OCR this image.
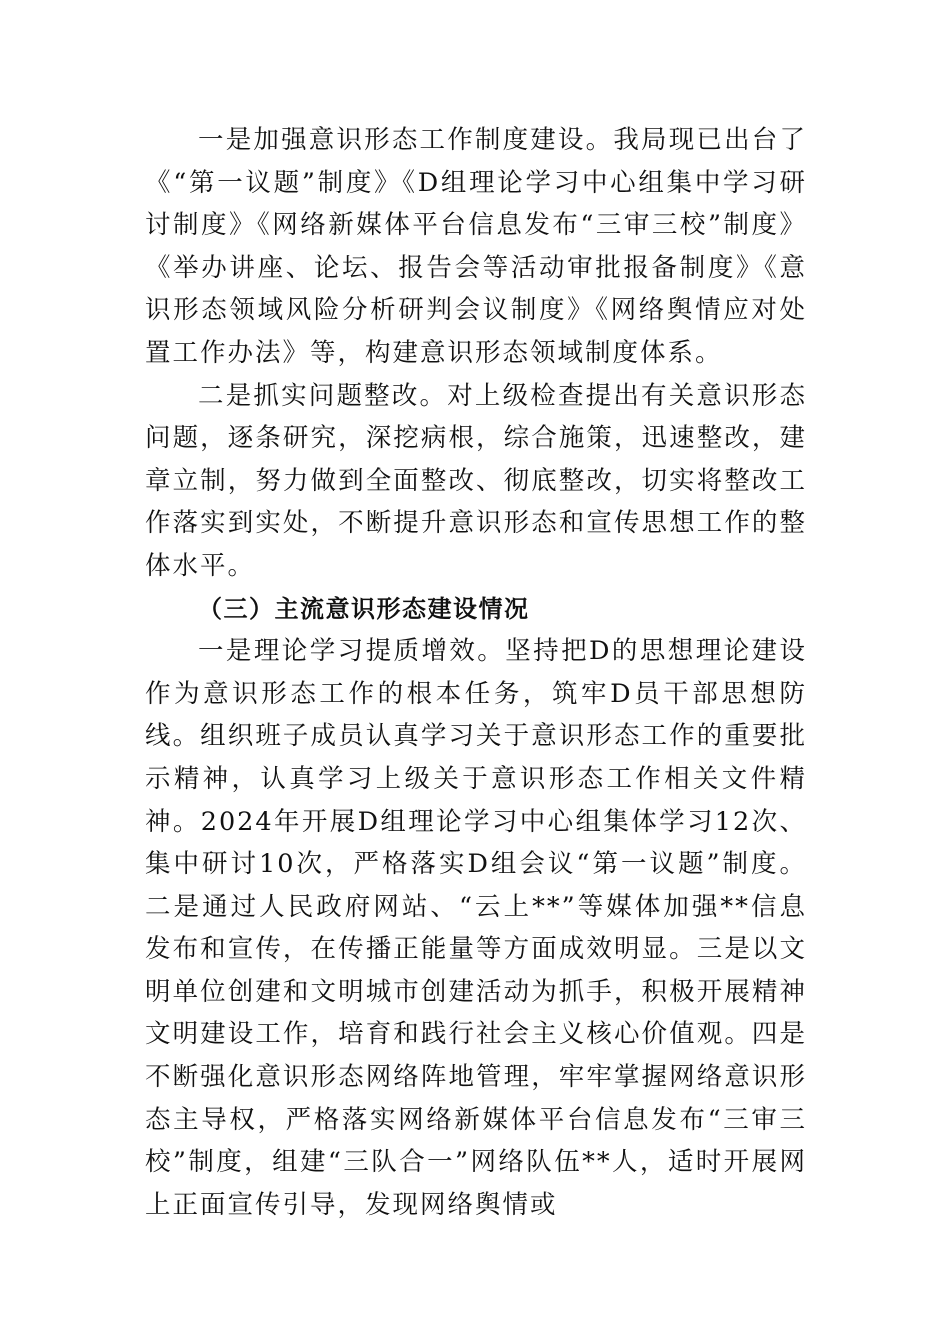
一是加强意识形态工作制度建设。我局现已出台了《“第一议题”制度》《D组理论学习中心组集中学习研讨制度》《网络新媒体平台信息发布“三审三校”制度》《举办讲座、论坛、报告会等活动审批报备制度》《意识形态领域风险分析研判会议制度》《网络舆情应对处置工作办法》等，构建意识形态领域制度体系。

二是抓实问题整改。对上级检查提出有关意识形态问题，逐条研究，深挖病根，综合施策，迅速整改，建章立制，努力做到全面整改、彻底整改，切实将整改工作落实到实处，不断提升意识形态和宣传思想工作的整体水平。

（三）主流意识形态建设情况

一是理论学习提质增效。坚持把D的思想理论建设作为意识形态工作的根本任务，筑牢D员干部思想防线。组织班子成员认真学习关于意识形态工作的重要批示精神，认真学习上级关于意识形态工作相关文件精神。2024年开展D组理论学习中心组集体学习12次、集中研讨10次，严格落实D组会议“第一议题”制度。二是通过人民政府网站、“云上**”等媒体加强**信息发布和宣传，在传播正能量等方面成效明显。三是以文明单位创建和文明城市创建活动为抓手，积极开展精神文明建设工作，培育和践行社会主义核心价值观。四是不断强化意识形态网络阵地管理，牢牢掌握网络意识形态主导权，严格落实网络新媒体平台信息发布“三审三校”制度，组建“三队合一”网络队伍**人，适时开展网上正面宣传引导，发现网络舆情或
